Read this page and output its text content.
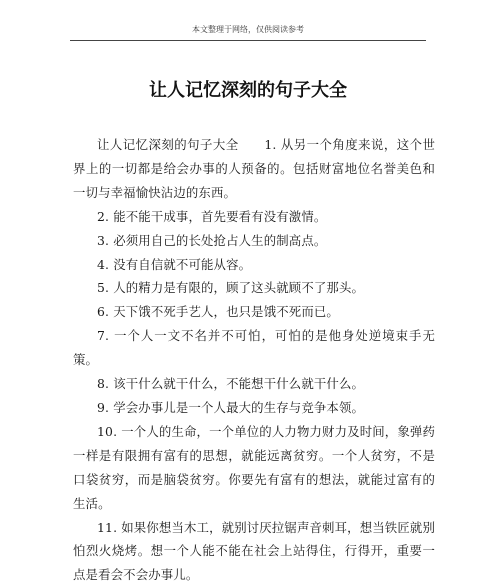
本文整理于网络，仅供阅读参考
让人记忆深刻的句子大全

让人记忆深刻的句子大全　　1. 从另一个角度来说，这个世界上的一切都是给会办事的人预备的。包括财富地位名誉美色和一切与幸福愉快沾边的东西。

2. 能不能干成事，首先要看有没有激情。

3. 必须用自己的长处抢占人生的制高点。

4. 没有自信就不可能从容。

5. 人的精力是有限的，顾了这头就顾不了那头。

6. 天下饿不死手艺人，也只是饿不死而已。

7. 一个人一文不名并不可怕，可怕的是他身处逆境束手无策。

8. 该干什么就干什么，不能想干什么就干什么。

9. 学会办事儿是一个人最大的生存与竞争本领。

10. 一个人的生命，一个单位的人力物力财力及时间，象弹药一样是有限拥有富有的思想，就能远离贫穷。一个人贫穷，不是口袋贫穷，而是脑袋贫穷。你要先有富有的想法，就能过富有的生活。

11. 如果你想当木工，就别讨厌拉锯声音刺耳，想当铁匠就别怕烈火烧烤。想一个人能不能在社会上站得住，行得开，重要一点是看会不会办事儿。
